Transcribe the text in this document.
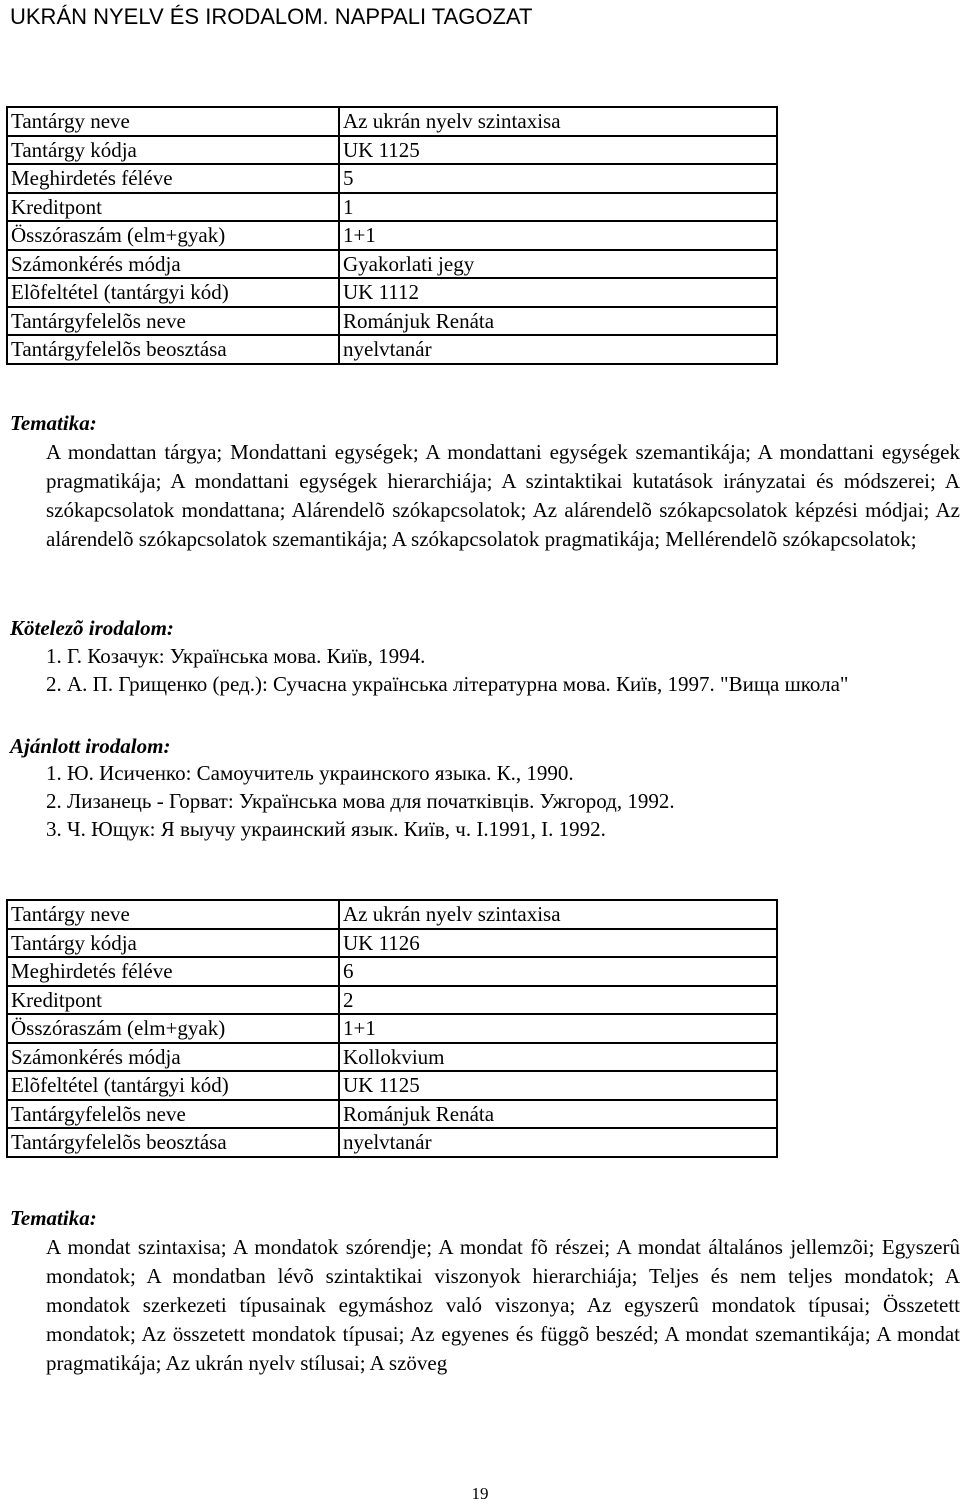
UKRÁN NYELV ÉS IRODALOM. NAPPALI TAGOZAT
Tantárgy neve	Az ukrán nyelv szintaxisa
Tantárgy kódja	UK 1125
Meghirdetés féléve	5
Kreditpont	1
Összóraszám (elm+gyak)	1+1
Számonkérés módja	Gyakorlati jegy
Elõfeltétel (tantárgyi kód)	UK 1112
Tantárgyfelelõs neve	Románjuk Renáta
Tantárgyfelelõs beosztása	nyelvtanár
Tematika:
A mondattan tárgya; Mondattani egységek; A mondattani egységek szemantikája; A mondattani egységek pragmatikája; A mondattani egységek hierarchiája; A szintaktikai kutatások irányzatai és módszerei; A szókapcsolatok mondattana; Alárendelõ szókapcsolatok; Az alárendelõ szókapcsolatok képzési módjai; Az alárendelõ szókapcsolatok szemantikája; A szókapcsolatok pragmatikája; Mellérendelõ szókapcsolatok;
Kötelezõ irodalom:
1. Г. Козачук: Українська мова. Київ, 1994.
2. А. П. Грищенко (ред.): Сучасна українська літературна мова. Київ, 1997. "Вища школа"
Ajánlott irodalom:
1. Ю. Исиченко: Самоучитель украинского языка. К., 1990.
2. Лизанець - Горват: Українська мова для початківців. Ужгород, 1992.
3. Ч. Ющук: Я выучу украинский язык. Київ, ч. I.1991, I. 1992.
Tantárgy neve	Az ukrán nyelv szintaxisa
Tantárgy kódja	UK 1126
Meghirdetés féléve	6
Kreditpont	2
Összóraszám (elm+gyak)	1+1
Számonkérés módja	Kollokvium
Elõfeltétel (tantárgyi kód)	UK 1125
Tantárgyfelelõs neve	Románjuk Renáta
Tantárgyfelelõs beosztása	nyelvtanár
Tematika:
A mondat szintaxisa; A mondatok szórendje; A mondat fõ részei; A mondat általános jellemzõi; Egyszerû mondatok; A mondatban lévõ szintaktikai viszonyok hierarchiája; Teljes és nem teljes mondatok; A mondatok szerkezeti típusainak egymáshoz való viszonya; Az egyszerû mondatok típusai; Összetett mondatok; Az összetett mondatok típusai; Az egyenes és függõ beszéd; A mondat szemantikája; A mondat pragmatikája; Az ukrán nyelv stílusai; A szöveg
19
